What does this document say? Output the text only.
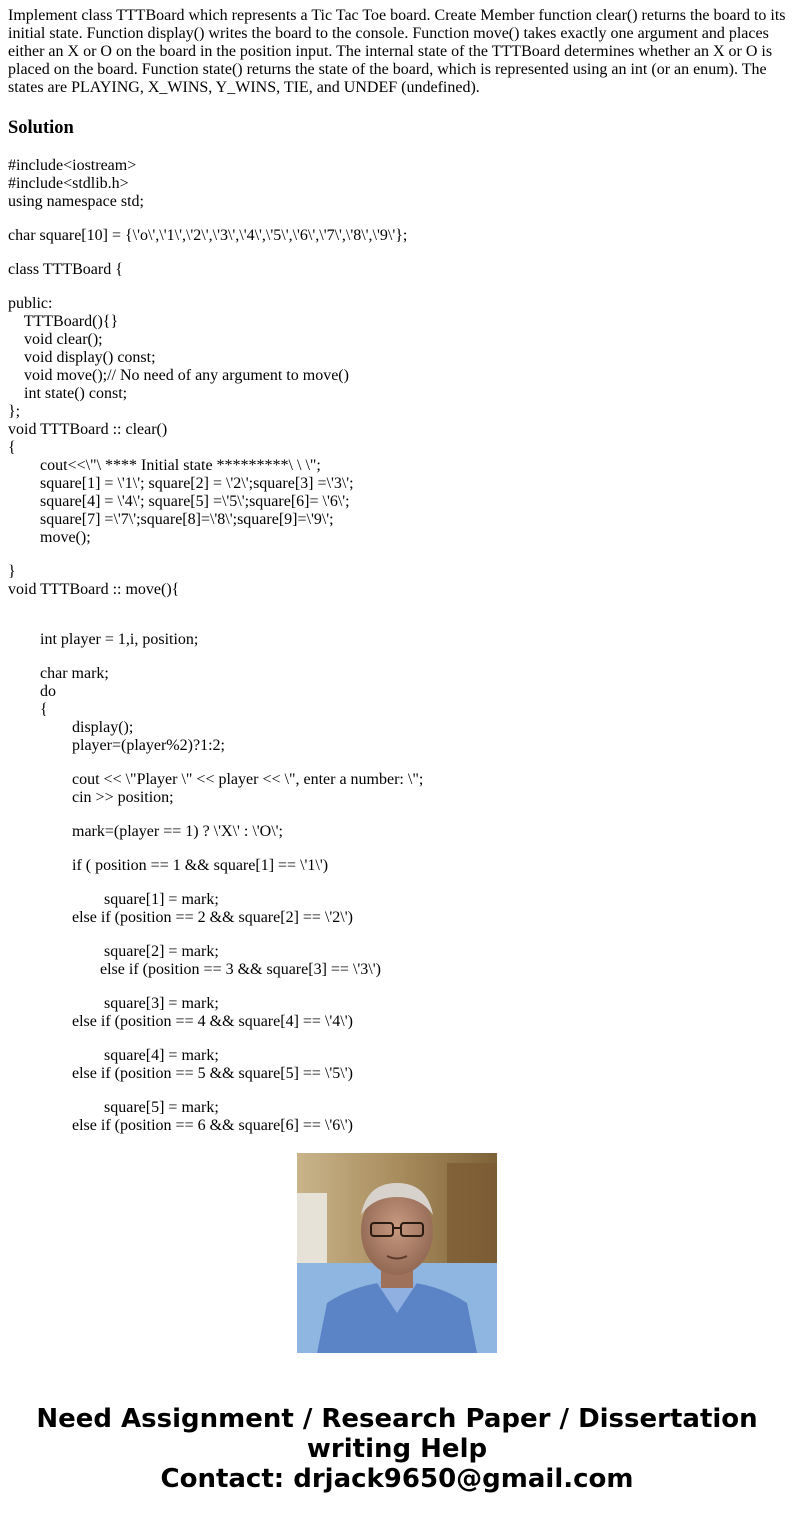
Implement class TTTBoard which represents a Tic Tac Toe board. Create Member function clear() returns the board to its initial state. Function display() writes the board to the console. Function move() takes exactly one argument and places either an X or O on the board in the position input. The internal state of the TTTBoard determines whether an X or O is placed on the board. Function state() returns the state of the board, which is represented using an int (or an enum). The states are PLAYING, X_WINS, Y_WINS, TIE, and UNDEF (undefined).

Solution
#include<iostream>
#include<stdlib.h>
using namespace std;
char square[10] = {\'o\',\'1\',\'2\',\'3\',\'4\',\'5\',\'6\',\'7\',\'8\',\'9\'};
class TTTBoard {
public:
TTTBoard(){}
void clear();
void display() const;
void move();// No need of any argument to move()
int state() const;
};
void TTTBoard :: clear()
{
cout<<\"\ **** Initial state *********\ \ \";
square[1] = \'1\'; square[2] = \'2\';square[3] =\'3\';
square[4] = \'4\'; square[5] =\'5\';square[6]= \'6\';
square[7] =\'7\';square[8]=\'8\';square[9]=\'9\';
move();
}
void TTTBoard :: move(){
int player = 1,i, position;
char mark;
do
{
display();
player=(player%2)?1:2;
cout << \"Player \" << player << \", enter a number: \";
cin >> position;
mark=(player == 1) ? \'X\' : \'O\';
if ( position == 1 && square[1] == \'1\')
square[1] = mark;
else if (position == 2 && square[2] == \'2\')
square[2] = mark;
else if (position == 3 && square[3] == \'3\')
square[3] = mark;
else if (position == 4 && square[4] == \'4\')
square[4] = mark;
else if (position == 5 && square[5] == \'5\')
square[5] = mark;
else if (position == 6 && square[6] == \'6\')
Need Assignment / Research Paper / Dissertation
writing Help
Contact: drjack9650@gmail.com
